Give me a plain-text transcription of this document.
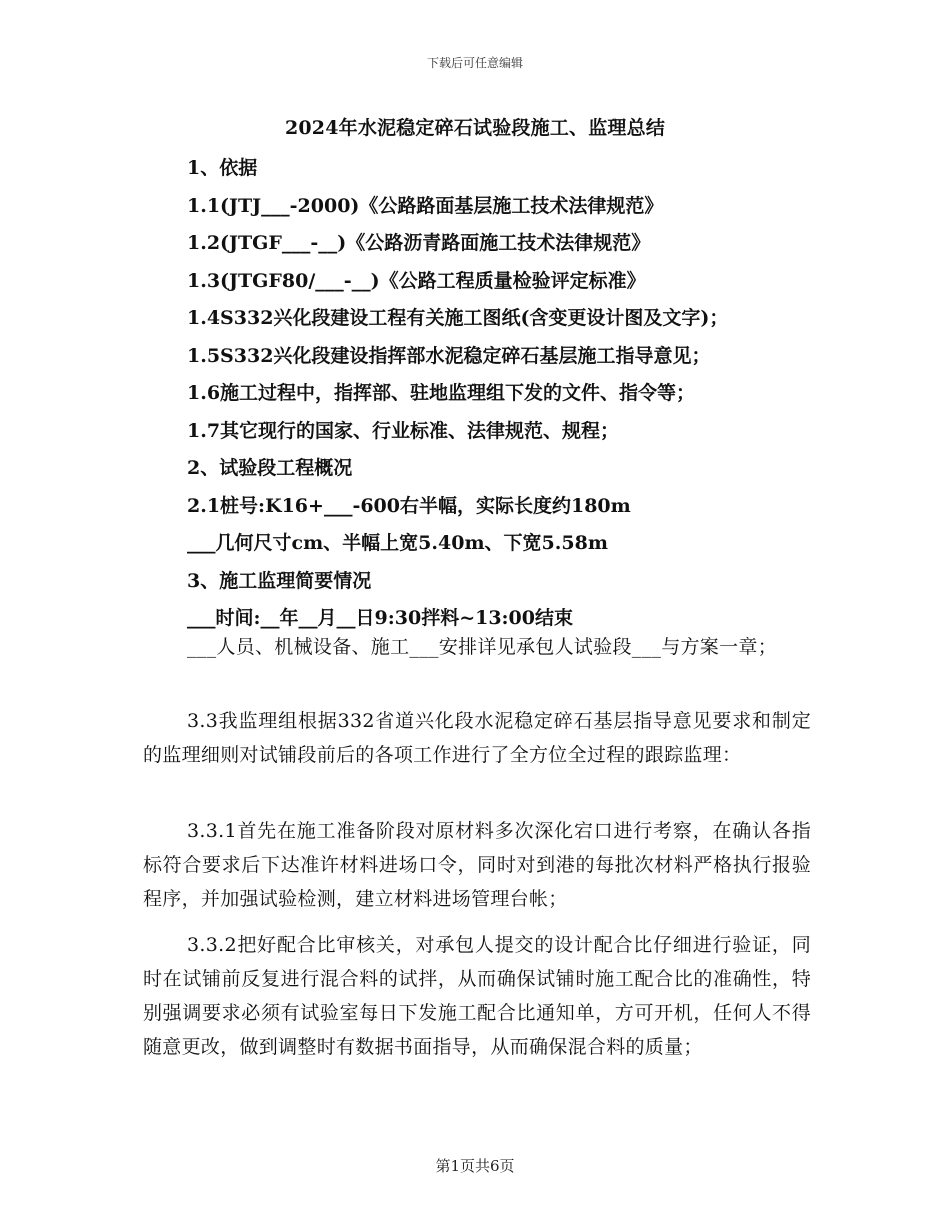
下载后可任意编辑
2024年水泥稳定碎石试验段施工、监理总结
1、依据
1.1(JTJ___-2000)《公路路面基层施工技术法律规范》
1.2(JTGF___-__)《公路沥青路面施工技术法律规范》
1.3(JTGF80/___-__)《公路工程质量检验评定标准》
1.4S332兴化段建设工程有关施工图纸(含变更设计图及文字)；
1.5S332兴化段建设指挥部水泥稳定碎石基层施工指导意见；
1.6施工过程中，指挥部、驻地监理组下发的文件、指令等；
1.7其它现行的国家、行业标准、法律规范、规程；
2、试验段工程概况
2.1桩号:K16+___-600右半幅，实际长度约180m
___几何尺寸cm、半幅上宽5.40m、下宽5.58m
3、施工监理简要情况
___时间:__年__月__日9:30拌料~13:00结束

___人员、机械设备、施工___安排详见承包人试验段___与方案一章；

3.3我监理组根据332省道兴化段水泥稳定碎石基层指导意见要求和制定的监理细则对试铺段前后的各项工作进行了全方位全过程的跟踪监理：

3.3.1首先在施工准备阶段对原材料多次深化宕口进行考察，在确认各指标符合要求后下达准许材料进场口令，同时对到港的每批次材料严格执行报验程序，并加强试验检测，建立材料进场管理台帐；

3.3.2把好配合比审核关，对承包人提交的设计配合比仔细进行验证，同时在试铺前反复进行混合料的试拌，从而确保试铺时施工配合比的准确性，特别强调要求必须有试验室每日下发施工配合比通知单，方可开机，任何人不得随意更改，做到调整时有数据书面指导，从而确保混合料的质量；

第1页共6页
